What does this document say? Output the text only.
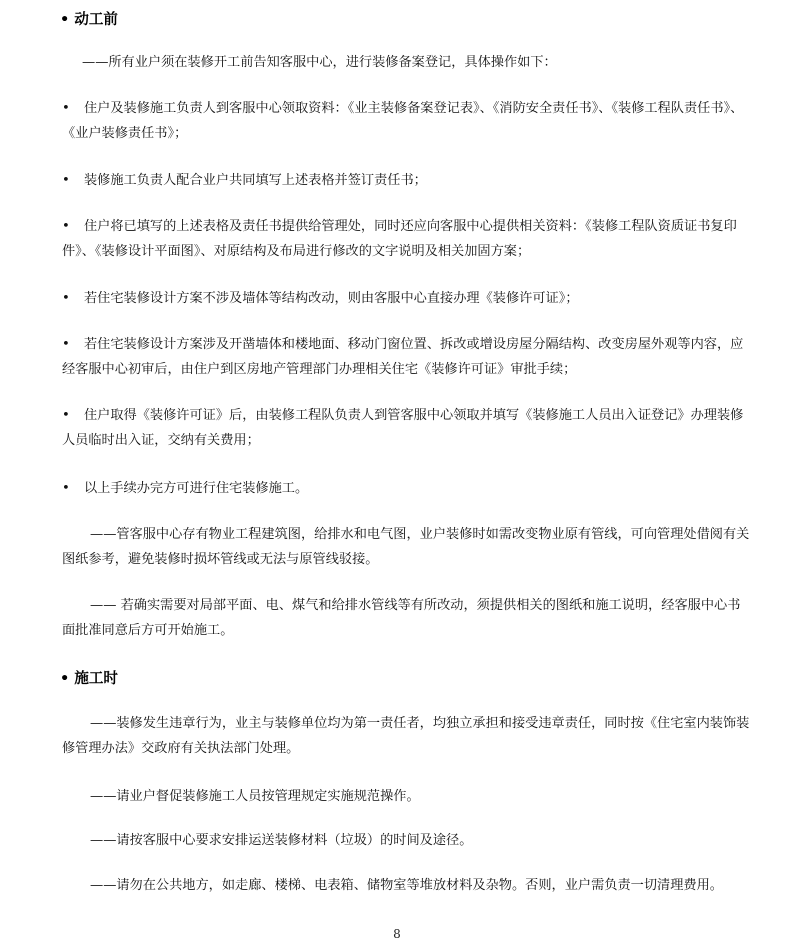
• 动工前
——所有业户须在装修开工前告知客服中心，进行装修备案登记，具体操作如下：
• 住户及装修施工负责人到客服中心领取资料：《业主装修备案登记表》、《消防安全责任书》、《装修工程队责任书》、《业户装修责任书》；
• 装修施工负责人配合业户共同填写上述表格并签订责任书；
• 住户将已填写的上述表格及责任书提供给管理处，同时还应向客服中心提供相关资料：《装修工程队资质证书复印件》、《装修设计平面图》、对原结构及布局进行修改的文字说明及相关加固方案；
• 若住宅装修设计方案不涉及墙体等结构改动，则由客服中心直接办理《装修许可证》；
• 若住宅装修设计方案涉及开凿墙体和楼地面、移动门窗位置、拆改或增设房屋分隔结构、改变房屋外观等内容，应经客服中心初审后，由住户到区房地产管理部门办理相关住宅《装修许可证》审批手续；
• 住户取得《装修许可证》后，由装修工程队负责人到管客服中心领取并填写《装修施工人员出入证登记》办理装修人员临时出入证，交纳有关费用；
• 以上手续办完方可进行住宅装修施工。
——管客服中心存有物业工程建筑图，给排水和电气图，业户装修时如需改变物业原有管线，可向管理处借阅有关图纸参考，避免装修时损坏管线或无法与原管线驳接。
—— 若确实需要对局部平面、电、煤气和给排水管线等有所改动，须提供相关的图纸和施工说明，经客服中心书面批准同意后方可开始施工。
• 施工时
——装修发生违章行为，业主与装修单位均为第一责任者，均独立承担和接受违章责任，同时按《住宅室内装饰装修管理办法》交政府有关执法部门处理。
——请业户督促装修施工人员按管理规定实施规范操作。
——请按客服中心要求安排运送装修材料（垃圾）的时间及途径。
——请勿在公共地方，如走廊、楼梯、电表箱、储物室等堆放材料及杂物。否则，业户需负责一切清理费用。
8
